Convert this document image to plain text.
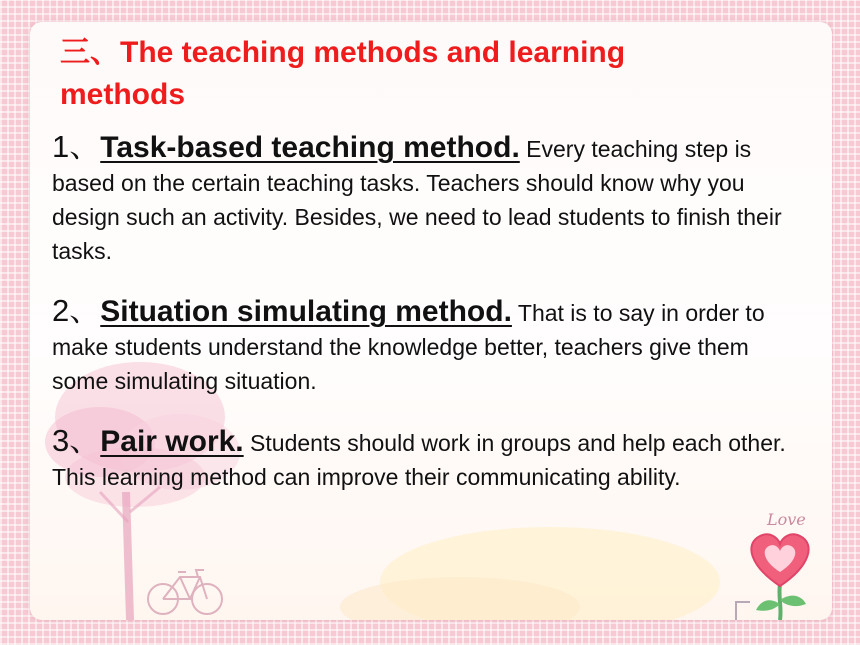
三、The teaching methods and learning methods
1、Task-based teaching method. Every teaching step is based on the certain teaching tasks. Teachers should know why you design such an activity. Besides, we need to lead students to finish their tasks.
2、Situation simulating method. That is to say in order to make students understand the knowledge better, teachers give them some simulating situation.
3、Pair work. Students should work in groups and help each other. This learning method can improve their communicating ability.
Love
